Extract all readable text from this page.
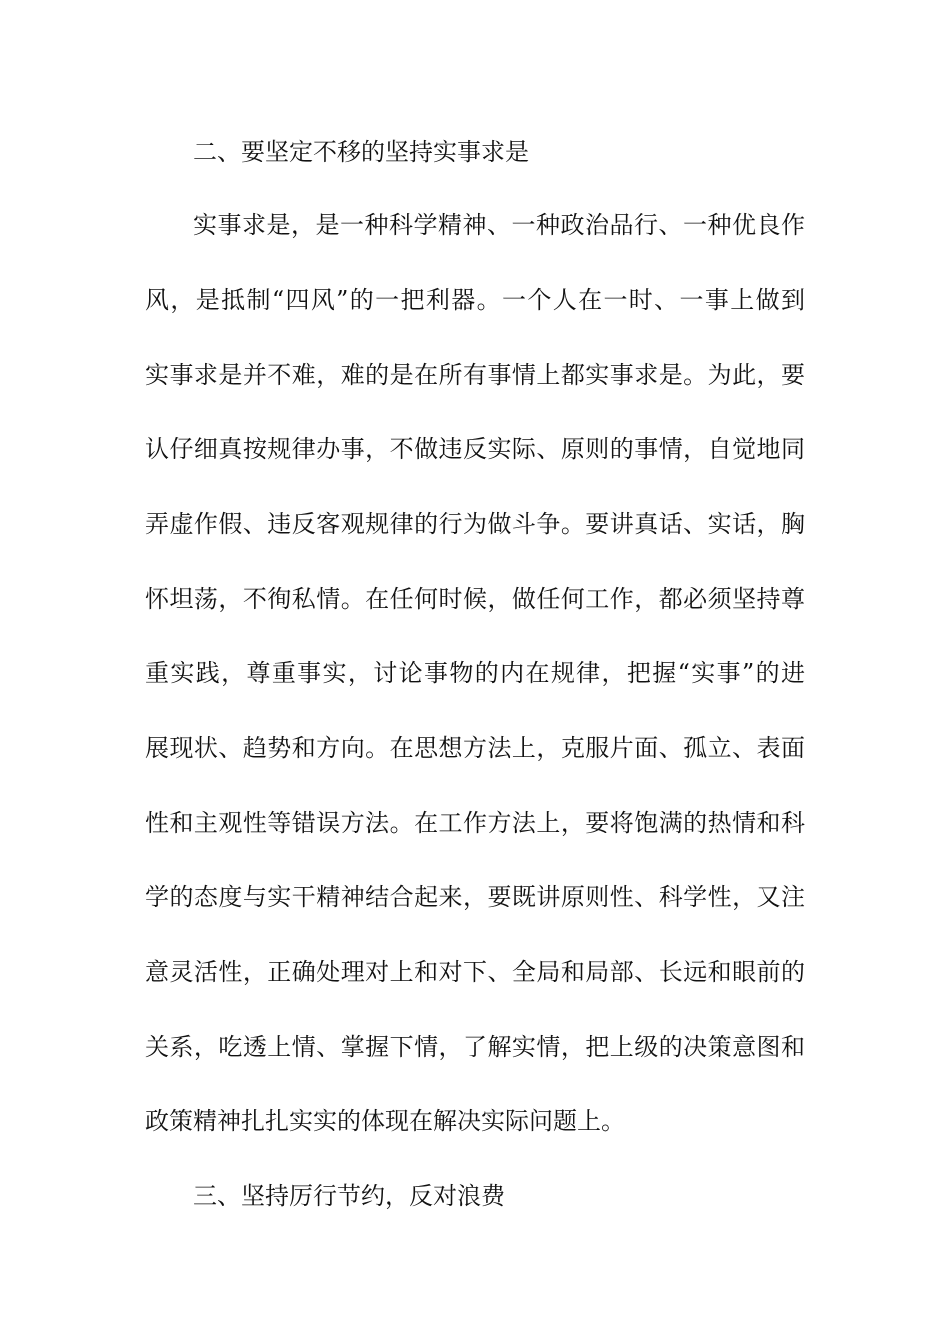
二、要坚定不移的坚持实事求是

实事求是，是一种科学精神、一种政治品行、一种优良作

风，是抵制“四风”的一把利器。一个人在一时、一事上做到

实事求是并不难，难的是在所有事情上都实事求是。为此，要

认仔细真按规律办事，不做违反实际、原则的事情，自觉地同

弄虚作假、违反客观规律的行为做斗争。要讲真话、实话，胸

怀坦荡，不徇私情。在任何时候，做任何工作，都必须坚持尊

重实践，尊重事实，讨论事物的内在规律，把握“实事”的进

展现状、趋势和方向。在思想方法上，克服片面、孤立、表面

性和主观性等错误方法。在工作方法上，要将饱满的热情和科

学的态度与实干精神结合起来，要既讲原则性、科学性，又注

意灵活性，正确处理对上和对下、全局和局部、长远和眼前的

关系，吃透上情、掌握下情，了解实情，把上级的决策意图和

政策精神扎扎实实的体现在解决实际问题上。

三、坚持厉行节约，反对浪费
